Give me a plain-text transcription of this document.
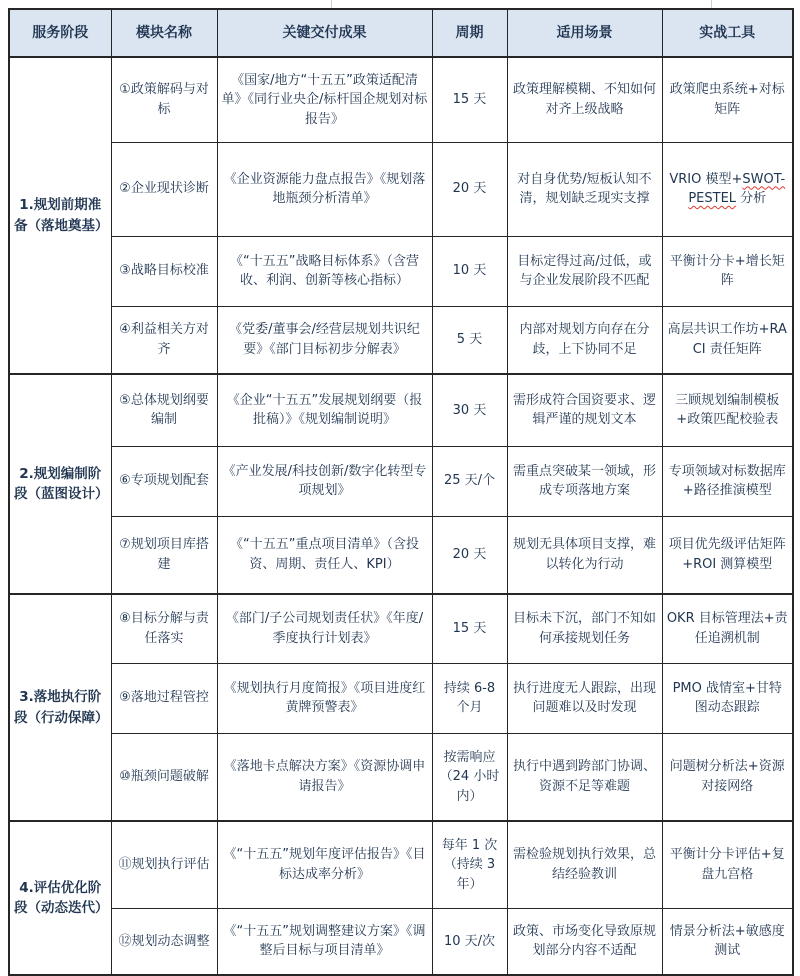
服务阶段	模块名称	关键交付成果	周期	适用场景	实战工具
1.规划前期准备（落地奠基）	①政策解码与对标	《国家/地方“十五五”政策适配清单》《同行业央企/标杆国企规划对标报告》	15 天	政策理解模糊、不知如何对齐上级战略	政策爬虫系统+对标矩阵
	②企业现状诊断	《企业资源能力盘点报告》《规划落地瓶颈分析清单》	20 天	对自身优势/短板认知不清，规划缺乏现实支撑	VRIO 模型+SWOT-PESTEL 分析
	③战略目标校准	《“十五五”战略目标体系》（含营收、利润、创新等核心指标）	10 天	目标定得过高/过低，或与企业发展阶段不匹配	平衡计分卡+增长矩阵
	④利益相关方对齐	《党委/董事会/经营层规划共识纪要》《部门目标初步分解表》	5 天	内部对规划方向存在分歧，上下协同不足	高层共识工作坊+RACI 责任矩阵
2.规划编制阶段（蓝图设计）	⑤总体规划纲要编制	《企业“十五五”发展规划纲要（报批稿）》《规划编制说明》	30 天	需形成符合国资要求、逻辑严谨的规划文本	三顾规划编制模板+政策匹配校验表
	⑥专项规划配套	《产业发展/科技创新/数字化转型专项规划》	25 天/个	需重点突破某一领域，形成专项落地方案	专项领域对标数据库+路径推演模型
	⑦规划项目库搭建	《“十五五”重点项目清单》（含投资、周期、责任人、KPI）	20 天	规划无具体项目支撑，难以转化为行动	项目优先级评估矩阵+ROI 测算模型
3.落地执行阶段（行动保障）	⑧目标分解与责任落实	《部门/子公司规划责任状》《年度/季度执行计划表》	15 天	目标未下沉，部门不知如何承接规划任务	OKR 目标管理法+责任追溯机制
	⑨落地过程管控	《规划执行月度简报》《项目进度红黄牌预警表》	持续 6-8 个月	执行进度无人跟踪，出现问题难以及时发现	PMO 战情室+甘特图动态跟踪
	⑩瓶颈问题破解	《落地卡点解决方案》《资源协调申请报告》	按需响应（24 小时内）	执行中遇到跨部门协调、资源不足等难题	问题树分析法+资源对接网络
4.评估优化阶段（动态迭代）	⑪规划执行评估	《“十五五”规划年度评估报告》《目标达成率分析》	每年 1 次（持续 3 年）	需检验规划执行效果，总结经验教训	平衡计分卡评估+复盘九宫格
	⑫规划动态调整	《“十五五”规划调整建议方案》《调整后目标与项目清单》	10 天/次	政策、市场变化导致原规划部分内容不适配	情景分析法+敏感度测试
